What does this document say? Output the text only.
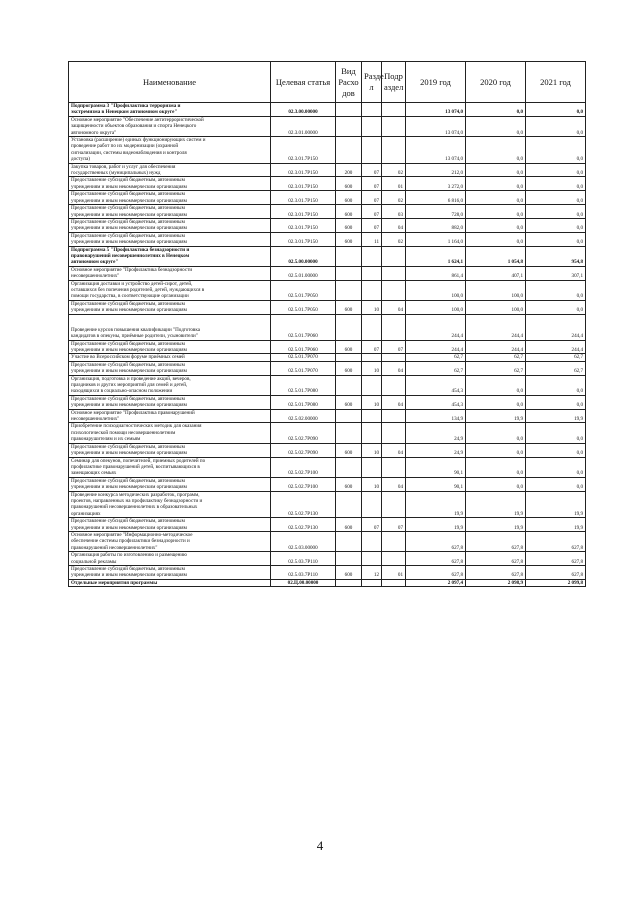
Наименование	Целевая статья	Вид Расхо дов	Разде л	Подр аздел	2019 год	2020 год	2021 год
Подпрограмма 3 "Профилактика терроризма и
экстремизма в Ненецком автономном округе"	02.3.00.00000				13 074,0	0,0	0,0
Основное мероприятие "Обеспечение антитеррористической
защищенности объектов образования и спорта Ненецкого
автономного округа"	02.3.01.00000				13 074,0	0,0	0,0
Установка (расширение) единых функционирующих систем и
проведение работ по их модернизации (охранной
сигнализации, системы видеонаблюдения и контроля
доступа)	02.3.01.7Р150				13 074,0	0,0	0,0
Закупка товаров, работ и услуг для обеспечения
государственных (муниципальных) нужд	02.3.01.7Р150	200	07	02	212,0	0,0	0,0
Предоставление субсидий бюджетным, автономным
учреждениям и иным некоммерческим организациям	02.3.01.7Р150	600	07	01	3 272,0	0,0	0,0
Предоставление субсидий бюджетным, автономным
учреждениям и иным некоммерческим организациям	02.3.01.7Р150	600	07	02	6 816,0	0,0	0,0
Предоставление субсидий бюджетным, автономным
учреждениям и иным некоммерческим организациям	02.3.01.7Р150	600	07	03	728,0	0,0	0,0
Предоставление субсидий бюджетным, автономным
учреждениям и иным некоммерческим организациям	02.3.01.7Р150	600	07	04	882,0	0,0	0,0
Предоставление субсидий бюджетным, автономным
учреждениям и иным некоммерческим организациям	02.3.01.7Р150	600	11	02	1 164,0	0,0	0,0
Подпрограмма 5 "Профилактика безнадзорности и
правонарушений несовершеннолетних в Ненецком
автономном округе"	02.5.00.00000				1 624,1	1 054,8	954,8
Основное мероприятие "Профилактика безнадзорности
несовершеннолетних"	02.5.01.00000				861,4	407,1	307,1
Организация доставки и устройство детей-сирот, детей,
оставшихся без попечения родителей, детей, нуждающихся в
помощи государства, в соответствующие организации	02.5.01.7Р050				100,0	100,0	0,0
Предоставление субсидий бюджетным, автономным
учреждениям и иным некоммерческим организациям	02.5.01.7Р050	600	10	04	100,0	100,0	0,0
Проведение курсов повышения квалификации "Подготовка
кандидатов в опекуны, приёмные родители, усыновители"	02.5.01.7Р060				244,4	244,4	244,4
Предоставление субсидий бюджетным, автономным
учреждениям и иным некоммерческим организациям	02.5.01.7Р060	600	07	07	244,4	244,4	244,4
Участие во Всероссийском форуме приёмных семей	02.5.01.7Р070				62,7	62,7	62,7
Предоставление субсидий бюджетным, автономным
учреждениям и иным некоммерческим организациям	02.5.01.7Р070	600	10	04	62,7	62,7	62,7
Организация, подготовка и проведение акций, вечеров,
праздников и других мероприятий для семей и детей,
находящихся в социально-опасном положении	02.5.01.7Р080				454,3	0,0	0,0
Предоставление субсидий бюджетным, автономным
учреждениям и иным некоммерческим организациям	02.5.01.7Р080	600	10	04	454,3	0,0	0,0
Основное мероприятие "Профилактика правонарушений
несовершеннолетних"	02.5.02.00000				134,9	19,9	19,9
Приобретение психодиагностических методик для оказания
психологической помощи несовершеннолетним
правонарушителям и их семьям	02.5.02.7Р090				24,9	0,0	0,0
Предоставление субсидий бюджетным, автономным
учреждениям и иным некоммерческим организациям	02.5.02.7Р090	600	10	04	24,9	0,0	0,0
Семинар для опекунов, попечителей, приемных родителей по
профилактике правонарушений детей, воспитывающихся в
замещающих семьях	02.5.02.7Р100				90,1	0,0	0,0
Предоставление субсидий бюджетным, автономным
учреждениям и иным некоммерческим организациям	02.5.02.7Р100	600	10	04	90,1	0,0	0,0
Проведение конкурса методических разработок, программ,
проектов, направленных на профилактику безнадзорности и
правонарушений несовершеннолетних в образовательных
организациях	02.5.02.7Р130				19,9	19,9	19,9
Предоставление субсидий бюджетным, автономным
учреждениям и иным некоммерческим организациям	02.5.02.7Р130	600	07	07	19,9	19,9	19,9
Основное мероприятие "Информационно-методическое
обеспечение системы профилактики безнадзорности и
правонарушений несовершеннолетних"	02.5.03.00000				627,8	627,8	627,8
Организация работы по изготовлению и размещению
социальной рекламы	02.5.03.7Р110				627,8	627,8	627,8
Предоставление субсидий бюджетным, автономным
учреждениям и иным некоммерческим организациям	02.5.03.7Р110	600	12	01	627,8	627,8	627,8
Отдельные мероприятия программы	02.Ц.00.00000				2 097,4	2 098,9	2 099,8
4
